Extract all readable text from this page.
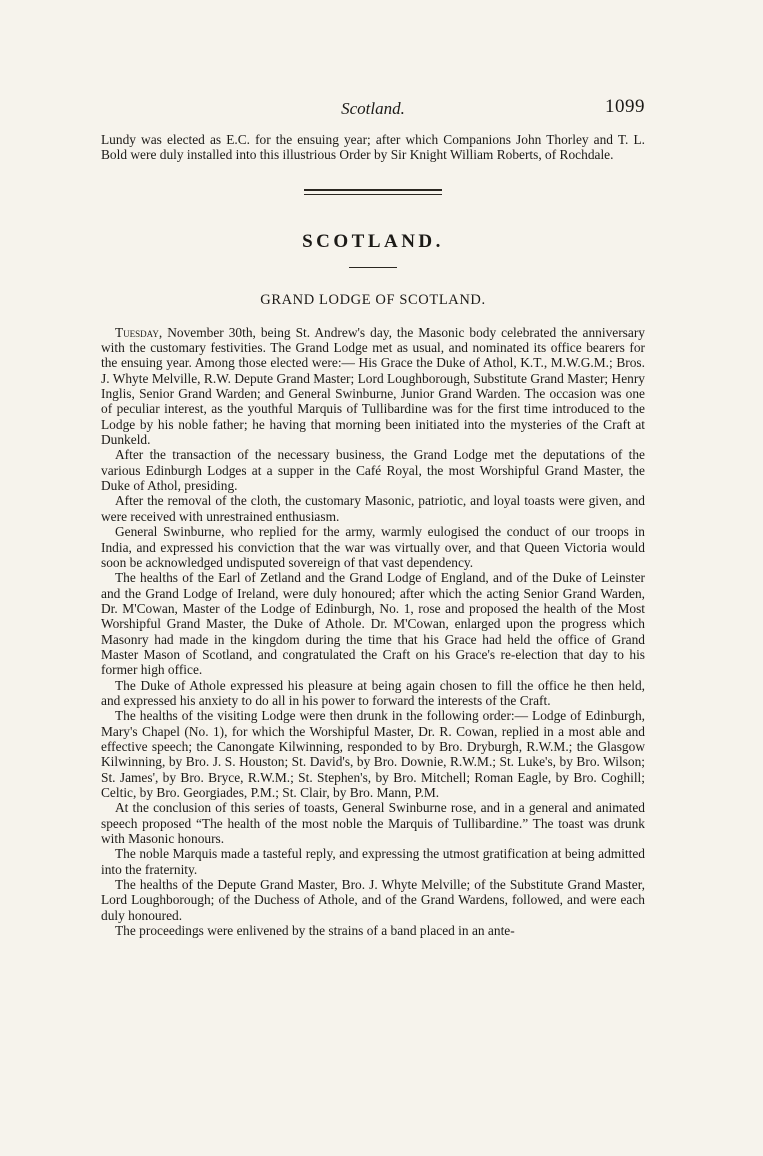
Scotland.	1099

Lundy was elected as E.C. for the ensuing year; after which Companions John Thorley and T. L. Bold were duly installed into this illustrious Order by Sir Knight William Roberts, of Rochdale.

SCOTLAND.
GRAND LODGE OF SCOTLAND.

Tuesday, November 30th, being St. Andrew's day, the Masonic body celebrated the anniversary with the customary festivities. The Grand Lodge met as usual, and nominated its office bearers for the ensuing year. Among those elected were:— His Grace the Duke of Athol, K.T., M.W.G.M.; Bros. J. Whyte Melville, R.W. Depute Grand Master; Lord Loughborough, Substitute Grand Master; Henry Inglis, Senior Grand Warden; and General Swinburne, Junior Grand Warden. The occasion was one of peculiar interest, as the youthful Marquis of Tullibardine was for the first time introduced to the Lodge by his noble father; he having that morning been initiated into the mysteries of the Craft at Dunkeld.

After the transaction of the necessary business, the Grand Lodge met the deputations of the various Edinburgh Lodges at a supper in the Café Royal, the most Worshipful Grand Master, the Duke of Athol, presiding.

After the removal of the cloth, the customary Masonic, patriotic, and loyal toasts were given, and were received with unrestrained enthusiasm.

General Swinburne, who replied for the army, warmly eulogised the conduct of our troops in India, and expressed his conviction that the war was virtually over, and that Queen Victoria would soon be acknowledged undisputed sovereign of that vast dependency.

The healths of the Earl of Zetland and the Grand Lodge of England, and of the Duke of Leinster and the Grand Lodge of Ireland, were duly honoured; after which the acting Senior Grand Warden, Dr. M'Cowan, Master of the Lodge of Edinburgh, No. 1, rose and proposed the health of the Most Worshipful Grand Master, the Duke of Athole. Dr. M'Cowan, enlarged upon the progress which Masonry had made in the kingdom during the time that his Grace had held the office of Grand Master Mason of Scotland, and congratulated the Craft on his Grace's re-election that day to his former high office.

The Duke of Athole expressed his pleasure at being again chosen to fill the office he then held, and expressed his anxiety to do all in his power to forward the interests of the Craft.

The healths of the visiting Lodge were then drunk in the following order:— Lodge of Edinburgh, Mary's Chapel (No. 1), for which the Worshipful Master, Dr. R. Cowan, replied in a most able and effective speech; the Canongate Kilwinning, responded to by Bro. Dryburgh, R.W.M.; the Glasgow Kilwinning, by Bro. J. S. Houston; St. David's, by Bro. Downie, R.W.M.; St. Luke's, by Bro. Wilson; St. James', by Bro. Bryce, R.W.M.; St. Stephen's, by Bro. Mitchell; Roman Eagle, by Bro. Coghill; Celtic, by Bro. Georgiades, P.M.; St. Clair, by Bro. Mann, P.M.

At the conclusion of this series of toasts, General Swinburne rose, and in a general and animated speech proposed “The health of the most noble the Marquis of Tullibardine.” The toast was drunk with Masonic honours.

The noble Marquis made a tasteful reply, and expressing the utmost gratification at being admitted into the fraternity.

The healths of the Depute Grand Master, Bro. J. Whyte Melville; of the Substitute Grand Master, Lord Loughborough; of the Duchess of Athole, and of the Grand Wardens, followed, and were each duly honoured.

The proceedings were enlivened by the strains of a band placed in an ante-
